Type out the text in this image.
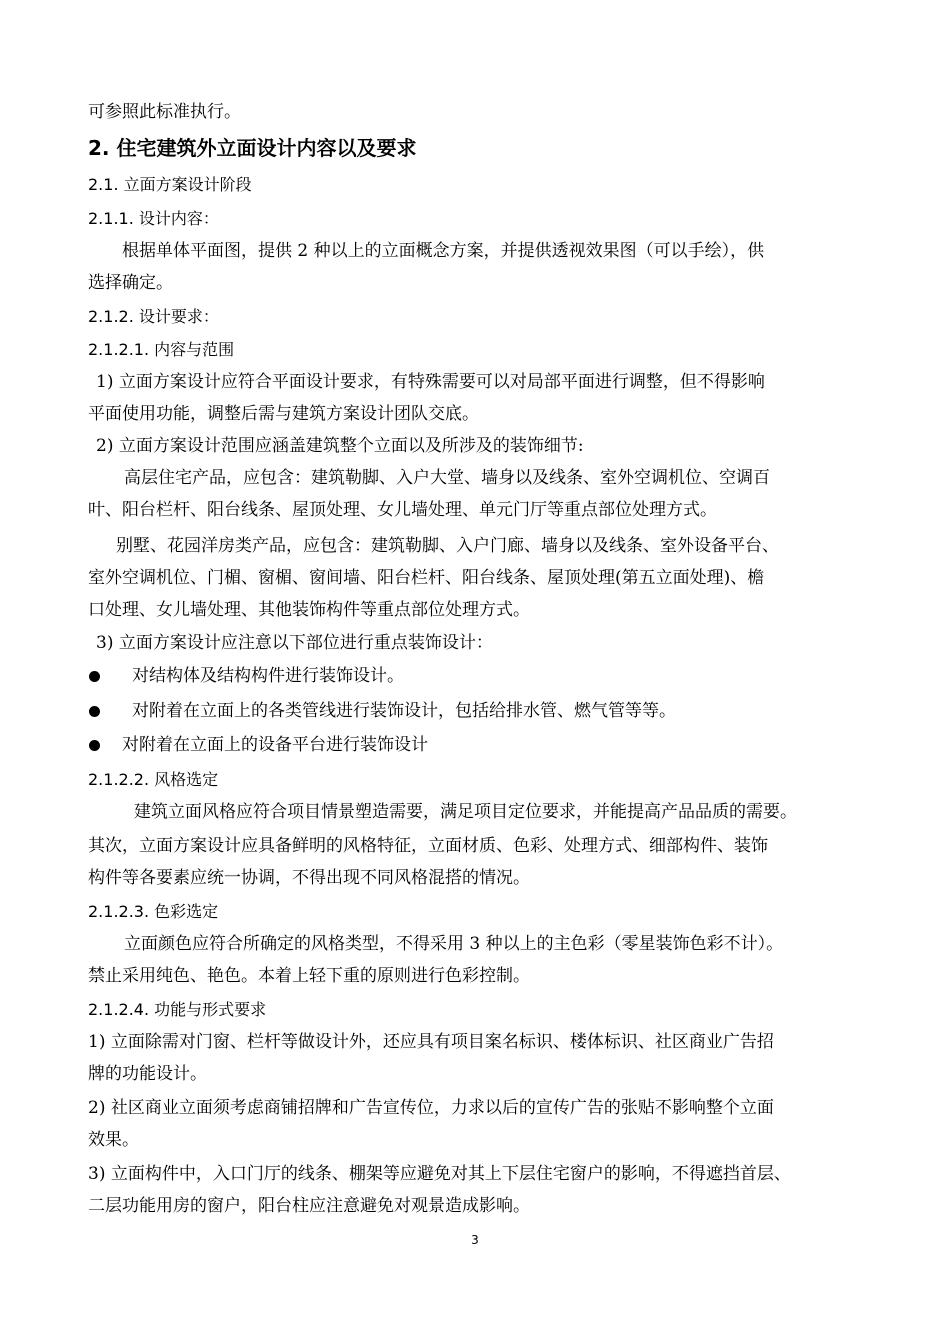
可参照此标准执行。
2. 住宅建筑外立面设计内容以及要求
2.1. 立面方案设计阶段
2.1.1. 设计内容：
根据单体平面图，提供 2 种以上的立面概念方案，并提供透视效果图（可以手绘），供
选择确定。
2.1.2. 设计要求：
2.1.2.1. 内容与范围
1) 立面方案设计应符合平面设计要求，有特殊需要可以对局部平面进行调整，但不得影响
平面使用功能，调整后需与建筑方案设计团队交底。
2) 立面方案设计范围应涵盖建筑整个立面以及所涉及的装饰细节:
高层住宅产品，应包含：建筑勒脚、入户大堂、墙身以及线条、室外空调机位、空调百
叶、阳台栏杆、阳台线条、屋顶处理、女儿墙处理、单元门厅等重点部位处理方式。
别墅、花园洋房类产品，应包含：建筑勒脚、入户门廊、墙身以及线条、室外设备平台、
室外空调机位、门楣、窗楣、窗间墙、阳台栏杆、阳台线条、屋顶处理(第五立面处理)、檐
口处理、女儿墙处理、其他装饰构件等重点部位处理方式。
3) 立面方案设计应注意以下部位进行重点装饰设计：
对结构体及结构构件进行装饰设计。
对附着在立面上的各类管线进行装饰设计，包括给排水管、燃气管等等。
对附着在立面上的设备平台进行装饰设计
2.1.2.2. 风格选定
建筑立面风格应符合项目情景塑造需要，满足项目定位要求，并能提高产品品质的需要。
其次，立面方案设计应具备鲜明的风格特征，立面材质、色彩、处理方式、细部构件、装饰
构件等各要素应统一协调，不得出现不同风格混搭的情况。
2.1.2.3. 色彩选定
立面颜色应符合所确定的风格类型，不得采用 3 种以上的主色彩（零星装饰色彩不计）。
禁止采用纯色、艳色。本着上轻下重的原则进行色彩控制。
2.1.2.4. 功能与形式要求
1) 立面除需对门窗、栏杆等做设计外，还应具有项目案名标识、楼体标识、社区商业广告招
牌的功能设计。
2) 社区商业立面须考虑商铺招牌和广告宣传位，力求以后的宣传广告的张贴不影响整个立面
效果。
3) 立面构件中，入口门厅的线条、棚架等应避免对其上下层住宅窗户的影响，不得遮挡首层、
二层功能用房的窗户，阳台柱应注意避免对观景造成影响。
3
